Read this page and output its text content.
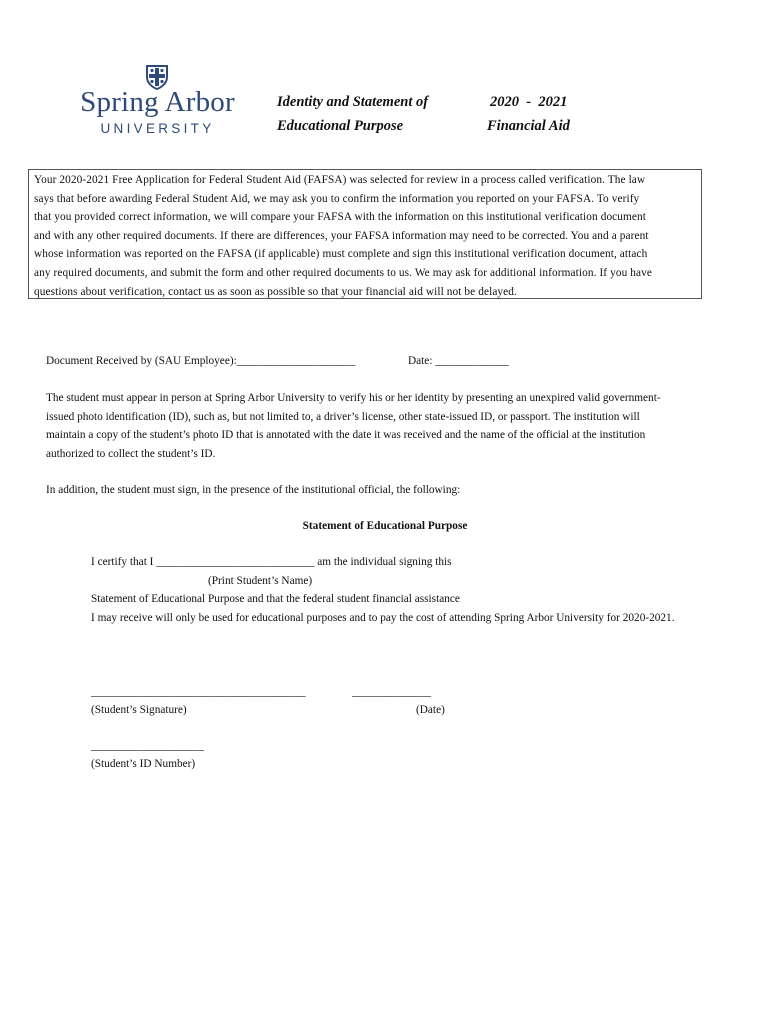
Spring Arbor
UNIVERSITY
Identity and Statement of
Educational Purpose
2020  -  2021
Financial Aid
Your 2020-2021 Free Application for Federal Student Aid (FAFSA) was selected for review in a process called verification. The law
says that before awarding Federal Student Aid, we may ask you to confirm the information you reported on your FAFSA. To verify
that you provided correct information, we will compare your FAFSA with the information on this institutional verification document
and with any other required documents. If there are differences, your FAFSA information may need to be corrected. You and a parent
whose information was reported on the FAFSA (if applicable) must complete and sign this institutional verification document, attach
any required documents, and submit the form and other required documents to us. We may ask for additional information. If you have
questions about verification, contact us as soon as possible so that your financial aid will not be delayed.
Document Received by (SAU Employee):_____________________	Date: _____________
The student must appear in person at Spring Arbor University to verify his or her identity by presenting an unexpired valid government-
issued photo identification (ID), such as, but not limited to, a driver’s license, other state-issued ID, or passport. The institution will
maintain a copy of the student’s photo ID that is annotated with the date it was received and the name of the official at the institution
authorized to collect the student’s ID.
In addition, the student must sign, in the presence of the institutional official, the following:
Statement of Educational Purpose
I certify that I ____________________________ am the individual signing this
(Print Student’s Name)
Statement of Educational Purpose and that the federal student financial assistance
I may receive will only be used for educational purposes and to pay the cost of attending Spring Arbor University for 2020-2021.
______________________________________	______________
(Student’s Signature)	(Date)
____________________
(Student’s ID Number)
